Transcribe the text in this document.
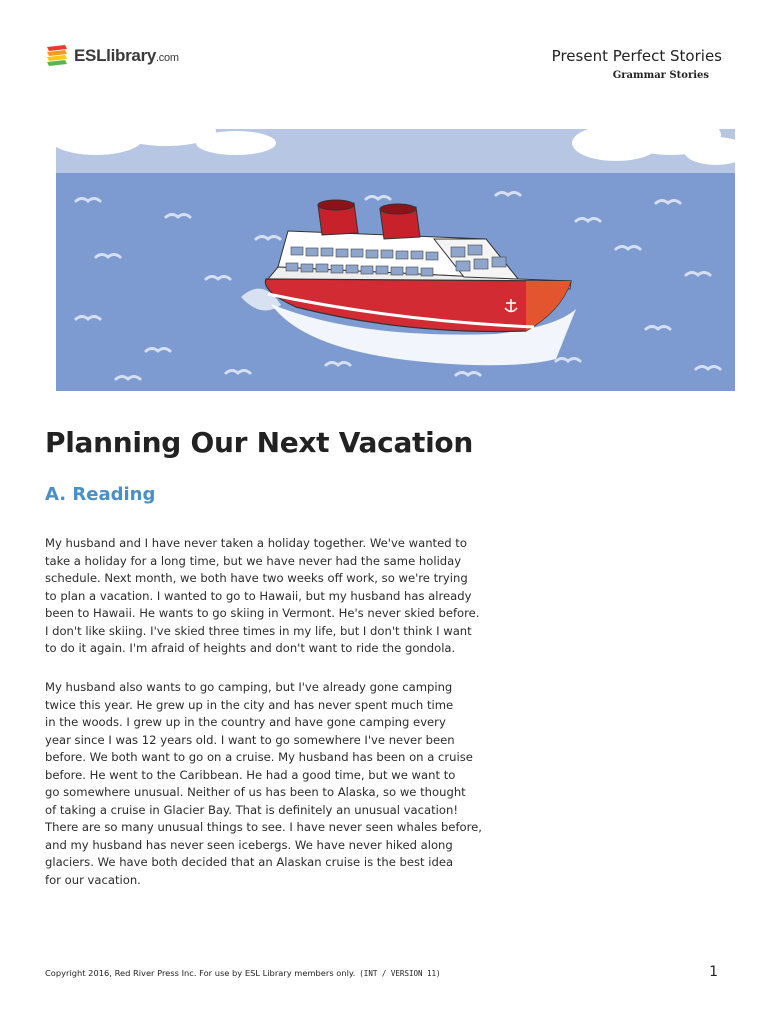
ESLlibrary.com	Present Perfect Stories
Grammar Stories
Planning Our Next Vacation
A. Reading
My husband and I have never taken a holiday together. We've wanted to
take a holiday for a long time, but we have never had the same holiday
schedule. Next month, we both have two weeks off work, so we're trying
to plan a vacation. I wanted to go to Hawaii, but my husband has already
been to Hawaii. He wants to go skiing in Vermont. He's never skied before.
I don't like skiing. I've skied three times in my life, but I don't think I want
to do it again. I'm afraid of heights and don't want to ride the gondola.
My husband also wants to go camping, but I've already gone camping
twice this year. He grew up in the city and has never spent much time
in the woods. I grew up in the country and have gone camping every
year since I was 12 years old. I want to go somewhere I've never been
before. We both want to go on a cruise. My husband has been on a cruise
before. He went to the Caribbean. He had a good time, but we want to
go somewhere unusual. Neither of us has been to Alaska, so we thought
of taking a cruise in Glacier Bay. That is definitely an unusual vacation!
There are so many unusual things to see. I have never seen whales before,
and my husband has never seen icebergs. We have never hiked along
glaciers. We have both decided that an Alaskan cruise is the best idea
for our vacation.
Copyright 2016, Red River Press Inc. For use by ESL Library members only. (INT / VERSION 11)	1
